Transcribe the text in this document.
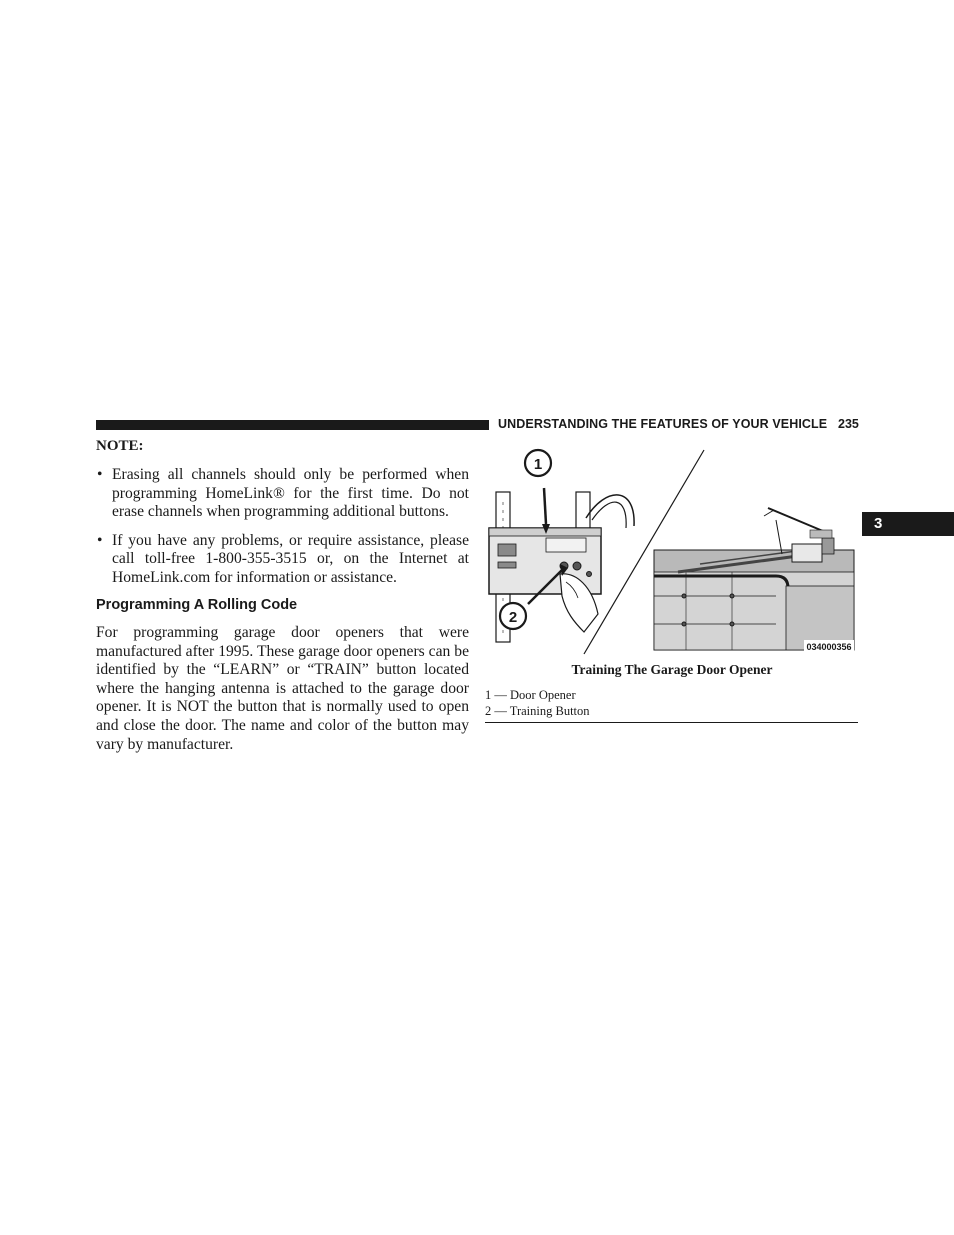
UNDERSTANDING THE FEATURES OF YOUR VEHICLE 235
3
NOTE:
• Erasing all channels should only be performed when programming HomeLink® for the first time. Do not erase channels when programming additional buttons.
• If you have any problems, or require assistance, please call toll-free 1-800-355-3515 or, on the Internet at HomeLink.com for information or assistance.
Programming A Rolling Code

For programming garage door openers that were manufactured after 1995. These garage door openers can be identified by the “LEARN” or “TRAIN” button located where the hanging antenna is attached to the garage door opener. It is NOT the button that is normally used to open and close the door. The name and color of the button may vary by manufacturer.

1
2
034000356
Training The Garage Door Opener
1 — Door Opener
2 — Training Button
